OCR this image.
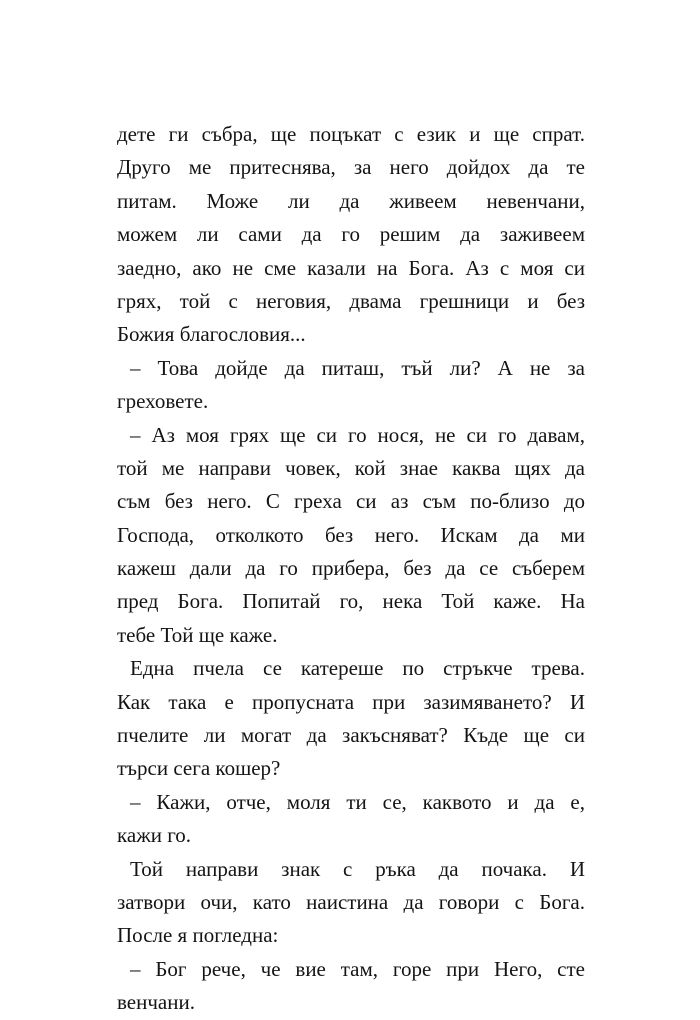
дете ги събра, ще поцъкат с език и ще спрат.
Друго ме притеснява, за него дойдох да те
питам. Може ли да живеем невенчани,
можем ли сами да го решим да заживеем
заедно, ако не сме казали на Бога. Аз с моя си
грях, той с неговия, двама грешници и без
Божия благословия...
– Това дойде да питаш, тъй ли? А не за
греховете.
– Аз моя грях ще си го нося, не си го давам,
той ме направи човек, кой знае каква щях да
съм без него. С греха си аз съм по-близо до
Господа, отколкото без него. Искам да ми
кажеш дали да го прибера, без да се съберем
пред Бога. Попитай го, нека Той каже. На
тебе Той ще каже.
Една пчела се катереше по стръкче трева.
Как така е пропусната при зазимяването? И
пчелите ли могат да закъсняват? Къде ще си
търси сега кошер?
– Кажи, отче, моля ти се, каквото и да е,
кажи го.
Той направи знак с ръка да почака. И
затвори очи, като наистина да говори с Бога.
После я погледна:
– Бог рече, че вие там, горе при Него, сте
венчани.
